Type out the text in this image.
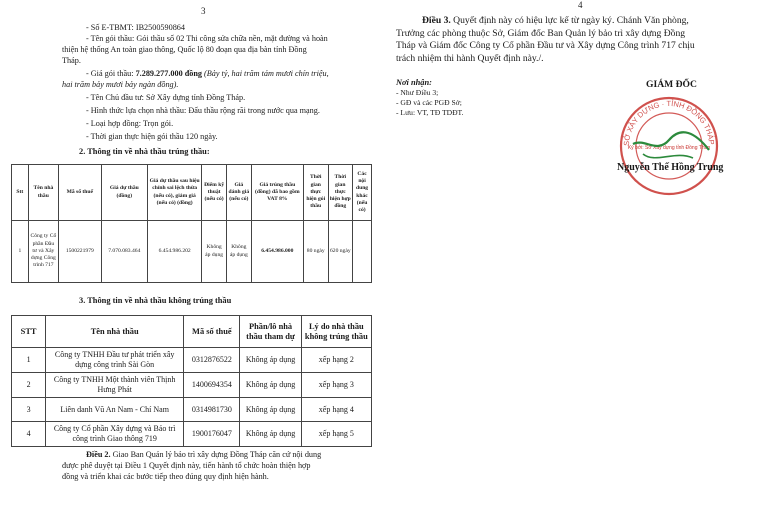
3

- Số E-TBMT: IB2500590864

- Tên gói thầu: Gói thầu số 02 Thi công sửa chữa nền, mặt đường và hoàn

thiện hệ thống An toàn giao thông, Quốc lộ 80 đoạn qua địa bàn tỉnh Đồng

Tháp.

- Giá gói thầu: 7.289.277.000 đồng (Bảy tỷ, hai trăm tám mươi chín triệu,

hai trăm bảy mươi bảy ngàn đồng).

- Tên Chủ đầu tư: Sở Xây dựng tỉnh Đồng Tháp.

- Hình thức lựa chọn nhà thầu: Đấu thầu rộng rãi trong nước qua mạng.

- Loại hợp đồng: Trọn gói.

- Thời gian thực hiện gói thầu 120 ngày.

2. Thông tin về nhà thầu trúng thầu:
Stt	Tên nhà thầu	Mã số thuế	Giá dự thầu (đồng)	Giá dự thầu sau hiệu chỉnh sai lệch thừa (nếu có), giảm giá (nếu có) (đồng)	Điểm kỹ thuật (nếu có)	Giá đánh giá (nếu có)	Giá trúng thầu (đồng) đã bao gồm VAT 8%	Thời gian thực hiện gói thầu	Thời gian thực hiện hợp đồng	Các nội dung khác (nếu có)
1	Công ty Cổ phần Đầu tư và Xây dựng Công trình 717	1500221979	7.070.083.464	6.454.986.202	Không áp dụng	Không áp dụng	6.454.986.000	80 ngày	620 ngày	
3. Thông tin về nhà thầu không trúng thầu
STT	Tên nhà thầu	Mã số thuế	Phần/lô nhà thầu tham dự	Lý do nhà thầu không trúng thầu
1	Công ty TNHH Đầu tư phát triển xây dựng công trình Sài Gòn	0312876522	Không áp dụng	xếp hạng 2
2	Công ty TNHH Một thành viên Thịnh Hưng Phát	1400694354	Không áp dụng	xếp hạng 3
3	Liên danh Vũ An Nam - Chí Nam	0314981730	Không áp dụng	xếp hạng 4
4	Công ty Cổ phần Xây dựng và Bảo trì công trình Giao thông 719	1900176047	Không áp dụng	xếp hạng 5

Điều 2. Giao Ban Quản lý bảo trì xây dựng Đồng Tháp căn cứ nội dung

được phê duyệt tại Điều 1 Quyết định này, tiến hành tổ chức hoàn thiện hợp

đồng và triển khai các bước tiếp theo đúng quy định hiện hành.

4
Điều 3. Quyết định này có hiệu lực kể từ ngày ký. Chánh Văn phòng,
Trưởng các phòng thuộc Sở, Giám đốc Ban Quản lý bảo trì xây dựng Đồng
Tháp và Giám đốc Công ty Cổ phần Đầu tư và Xây dựng Công trình 717 chịu
trách nhiệm thi hành Quyết định này./.
Nơi nhận:
- Như Điều 3;
- GĐ và các PGĐ Sở;
- Lưu: VT, TĐ TDĐT.
GIÁM ĐỐC
SỞ XÂY DỰNG · TỈNH ĐỒNG THÁP
Ký bởi: Sở Xây dựng tỉnh Đồng Tháp
Nguyễn Thế Hồng Trung
